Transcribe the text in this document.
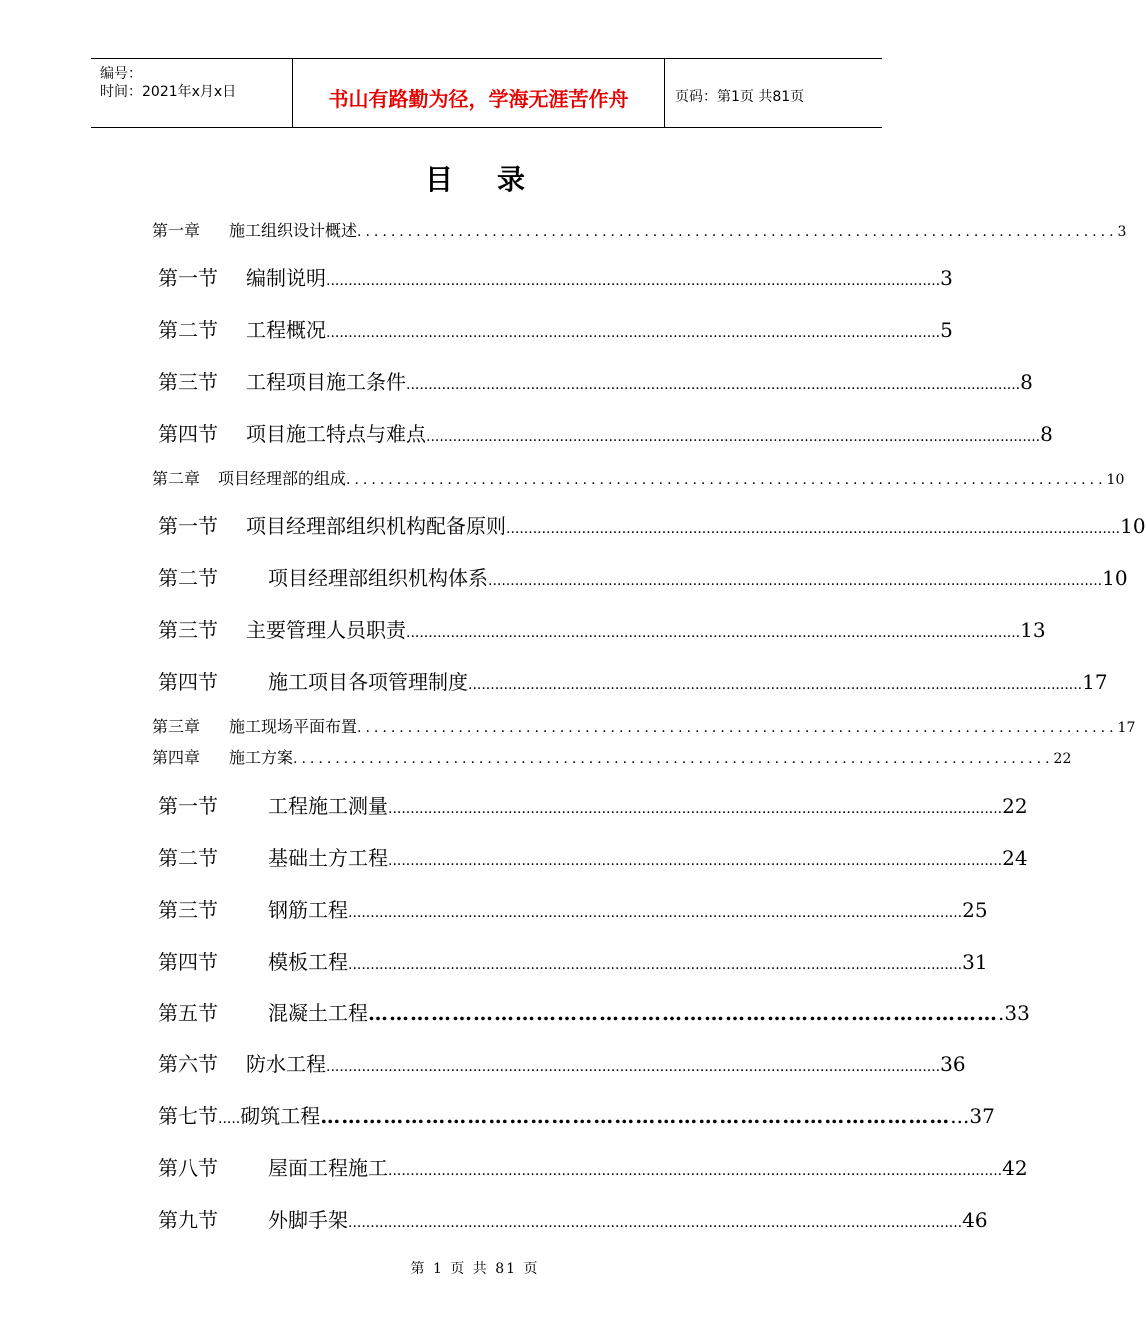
编号：
时间：2021年x月x日	书山有路勤为径，学海无涯苦作舟	页码：第1页 共81页
目录
第一章	施工组织设计概述 .......................................................................................... 3
第一节	编制说明 .......................................................................................................................................... 3
第二节	工程概况 .......................................................................................................................................... 5
第三节	工程项目施工条件 .......................................................................................................................................... 8
第四节	项目施工特点与难点 .......................................................................................................................................... 8
第二章	项目经理部的组成 .......................................................................................... 10
第一节	项目经理部组织机构配备原则 .......................................................................................................................................... 10
第二节	项目经理部组织机构体系 .......................................................................................................................................... 10
第三节	主要管理人员职责 .......................................................................................................................................... 13
第四节	施工项目各项管理制度 .......................................................................................................................................... 17
第三章	施工现场平面布置 .......................................................................................... 17
第四章	施工方案 .......................................................................................... 22
第一节	工程施工测量 .......................................................................................................................................... 22
第二节	基础土方工程 .......................................................................................................................................... 24
第三节	钢筋工程 .......................................................................................................................................... 25
第四节	模板工程 .......................................................................................................................................... 31
第五节	混凝土工程 ……………………………………………………………………………… .33
第六节	防水工程 .......................................................................................................................................... 36
第七节 ..... 砌筑工程 ……………………………………………………………………………… ...37
第八节	屋面工程施工 .......................................................................................................................................... 42
第九节	外脚手架 .......................................................................................................................................... 46
第 1 页 共 81 页
